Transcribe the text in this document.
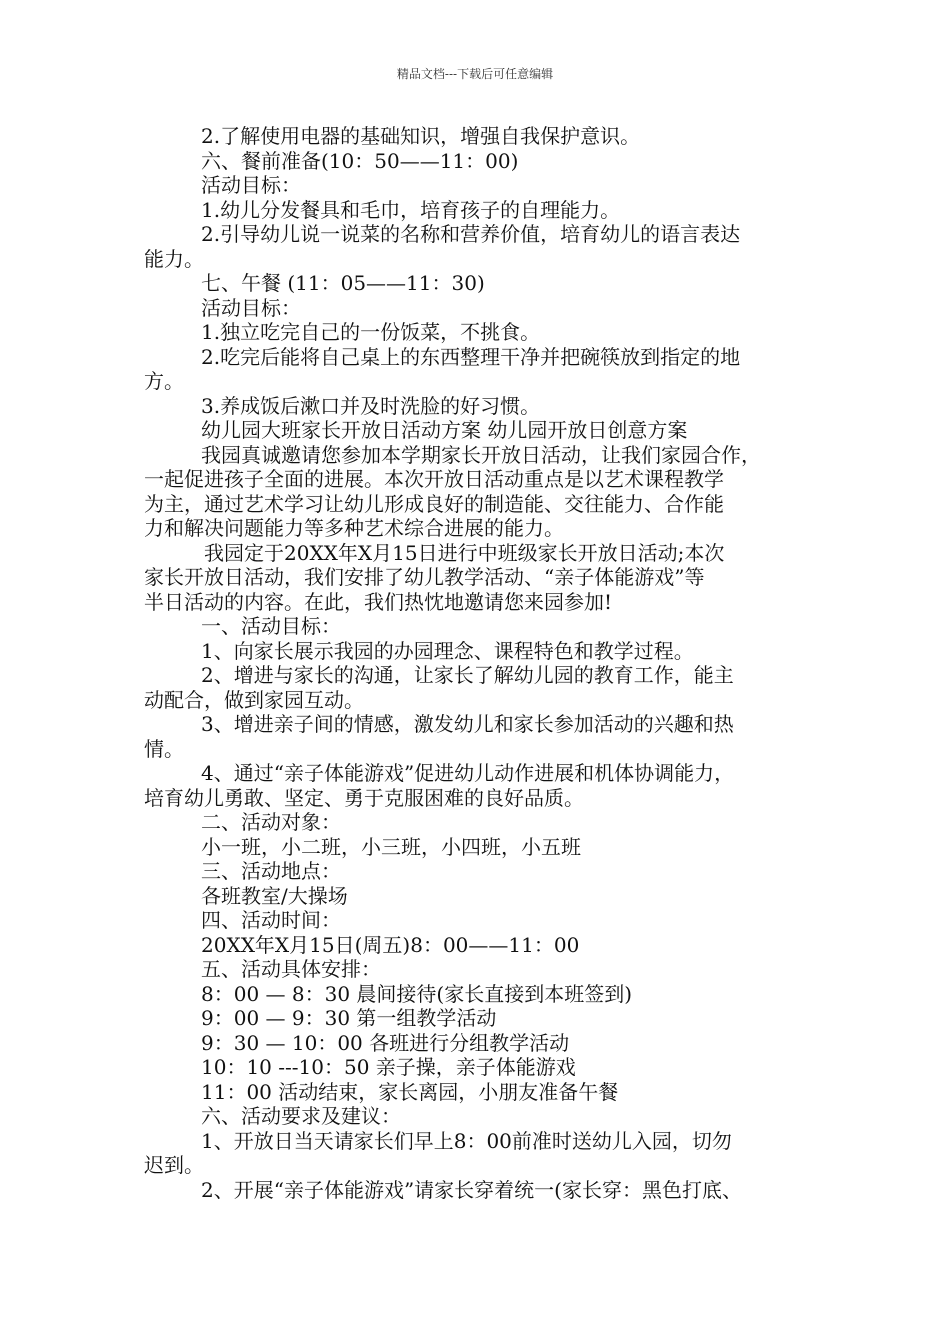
精品文档---下载后可任意编辑
2.了解使用电器的基础知识，增强自我保护意识。
六、餐前准备(10：50——11：00)
活动目标：
1.幼儿分发餐具和毛巾，培育孩子的自理能力。
2.引导幼儿说一说菜的名称和营养价值，培育幼儿的语言表达
能力。
七、午餐 (11：05——11：30)
活动目标：
1.独立吃完自己的一份饭菜，不挑食。
2.吃完后能将自己桌上的东西整理干净并把碗筷放到指定的地
方。
3.养成饭后漱口并及时洗脸的好习惯。
幼儿园大班家长开放日活动方案 幼儿园开放日创意方案
我园真诚邀请您参加本学期家长开放日活动，让我们家园合作，
一起促进孩子全面的进展。本次开放日活动重点是以艺术课程教学
为主，通过艺术学习让幼儿形成良好的制造能、交往能力、合作能
力和解决问题能力等多种艺术综合进展的能力。
我园定于20XX年X月15日进行中班级家长开放日活动;本次
家长开放日活动，我们安排了幼儿教学活动、“亲子体能游戏”等
半日活动的内容。在此，我们热忱地邀请您来园参加!
一、活动目标：
1、向家长展示我园的办园理念、课程特色和教学过程。
2、增进与家长的沟通，让家长了解幼儿园的教育工作，能主
动配合，做到家园互动。
3、增进亲子间的情感，激发幼儿和家长参加活动的兴趣和热
情。
4、通过“亲子体能游戏”促进幼儿动作进展和机体协调能力，
培育幼儿勇敢、坚定、勇于克服困难的良好品质。
二、活动对象：
小一班，小二班，小三班，小四班，小五班
三、活动地点：
各班教室/大操场
四、活动时间：
20XX年X月15日(周五)8：00——11：00
五、活动具体安排：
8：00 — 8：30 晨间接待(家长直接到本班签到)
9：00 — 9：30 第一组教学活动
9：30 — 10：00 各班进行分组教学活动
10：10 ---10：50 亲子操，亲子体能游戏
11：00 活动结束，家长离园，小朋友准备午餐
六、活动要求及建议：
1、开放日当天请家长们早上8：00前准时送幼儿入园，切勿
迟到。
2、开展“亲子体能游戏”请家长穿着统一(家长穿：黑色打底、
